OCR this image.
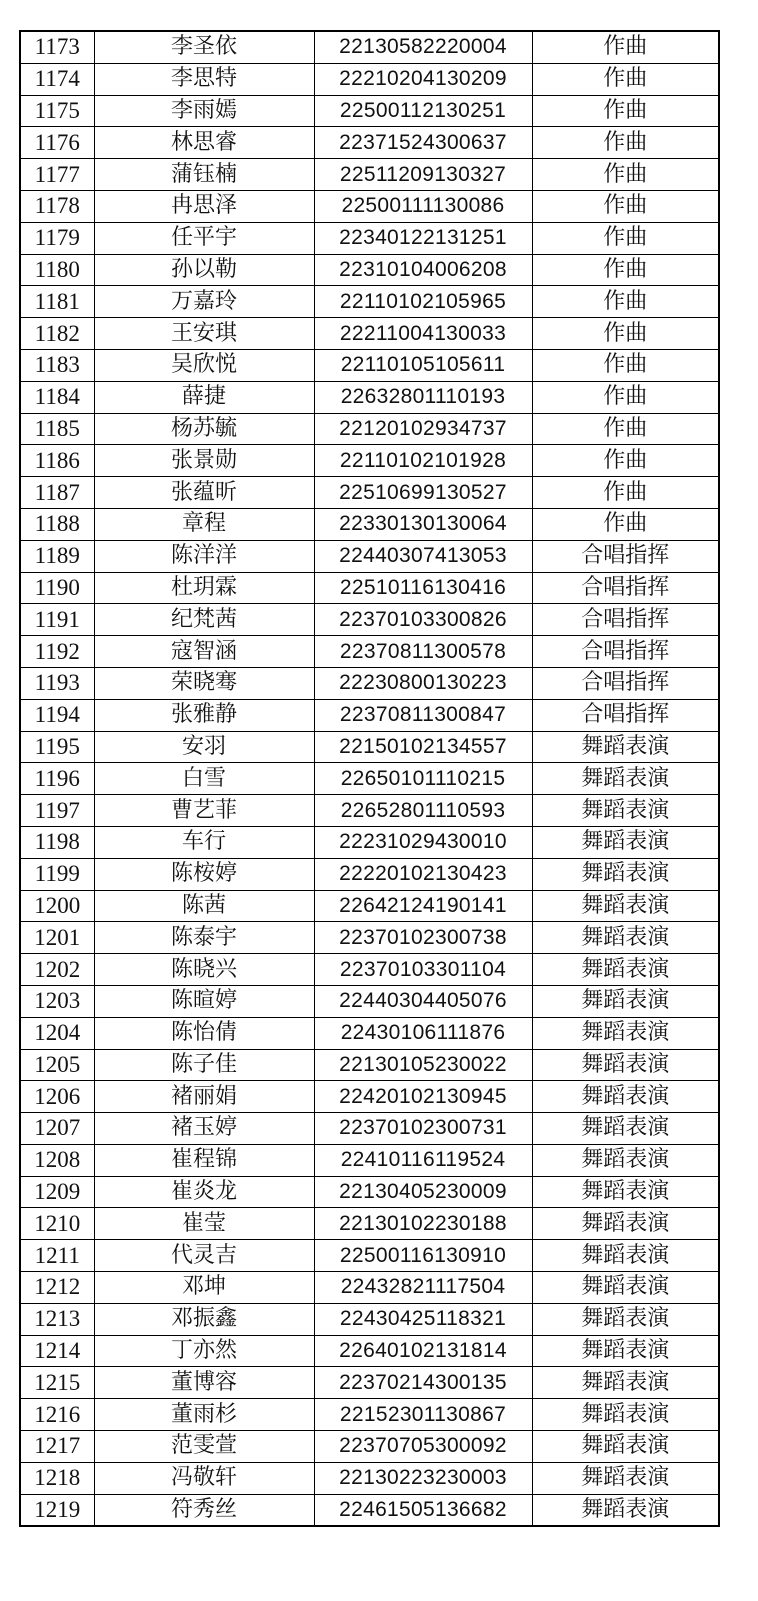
1173	李圣依	22130582220004	作曲
1174	李思特	22210204130209	作曲
1175	李雨嫣	22500112130251	作曲
1176	林思睿	22371524300637	作曲
1177	蒲钰楠	22511209130327	作曲
1178	冉思泽	22500111130086	作曲
1179	任平宇	22340122131251	作曲
1180	孙以勒	22310104006208	作曲
1181	万嘉玲	22110102105965	作曲
1182	王安琪	22211004130033	作曲
1183	吴欣悦	22110105105611	作曲
1184	薛捷	22632801110193	作曲
1185	杨苏毓	22120102934737	作曲
1186	张景勋	22110102101928	作曲
1187	张蕴昕	22510699130527	作曲
1188	章程	22330130130064	作曲
1189	陈洋洋	22440307413053	合唱指挥
1190	杜玥霖	22510116130416	合唱指挥
1191	纪梵茜	22370103300826	合唱指挥
1192	寇智涵	22370811300578	合唱指挥
1193	荣晓骞	22230800130223	合唱指挥
1194	张雅静	22370811300847	合唱指挥
1195	安羽	22150102134557	舞蹈表演
1196	白雪	22650101110215	舞蹈表演
1197	曹艺菲	22652801110593	舞蹈表演
1198	车行	22231029430010	舞蹈表演
1199	陈桉婷	22220102130423	舞蹈表演
1200	陈茜	22642124190141	舞蹈表演
1201	陈泰宇	22370102300738	舞蹈表演
1202	陈晓兴	22370103301104	舞蹈表演
1203	陈暄婷	22440304405076	舞蹈表演
1204	陈怡倩	22430106111876	舞蹈表演
1205	陈子佳	22130105230022	舞蹈表演
1206	褚丽娟	22420102130945	舞蹈表演
1207	褚玉婷	22370102300731	舞蹈表演
1208	崔程锦	22410116119524	舞蹈表演
1209	崔炎龙	22130405230009	舞蹈表演
1210	崔莹	22130102230188	舞蹈表演
1211	代灵吉	22500116130910	舞蹈表演
1212	邓坤	22432821117504	舞蹈表演
1213	邓振鑫	22430425118321	舞蹈表演
1214	丁亦然	22640102131814	舞蹈表演
1215	董博容	22370214300135	舞蹈表演
1216	董雨杉	22152301130867	舞蹈表演
1217	范雯萱	22370705300092	舞蹈表演
1218	冯敬轩	22130223230003	舞蹈表演
1219	符秀丝	22461505136682	舞蹈表演
